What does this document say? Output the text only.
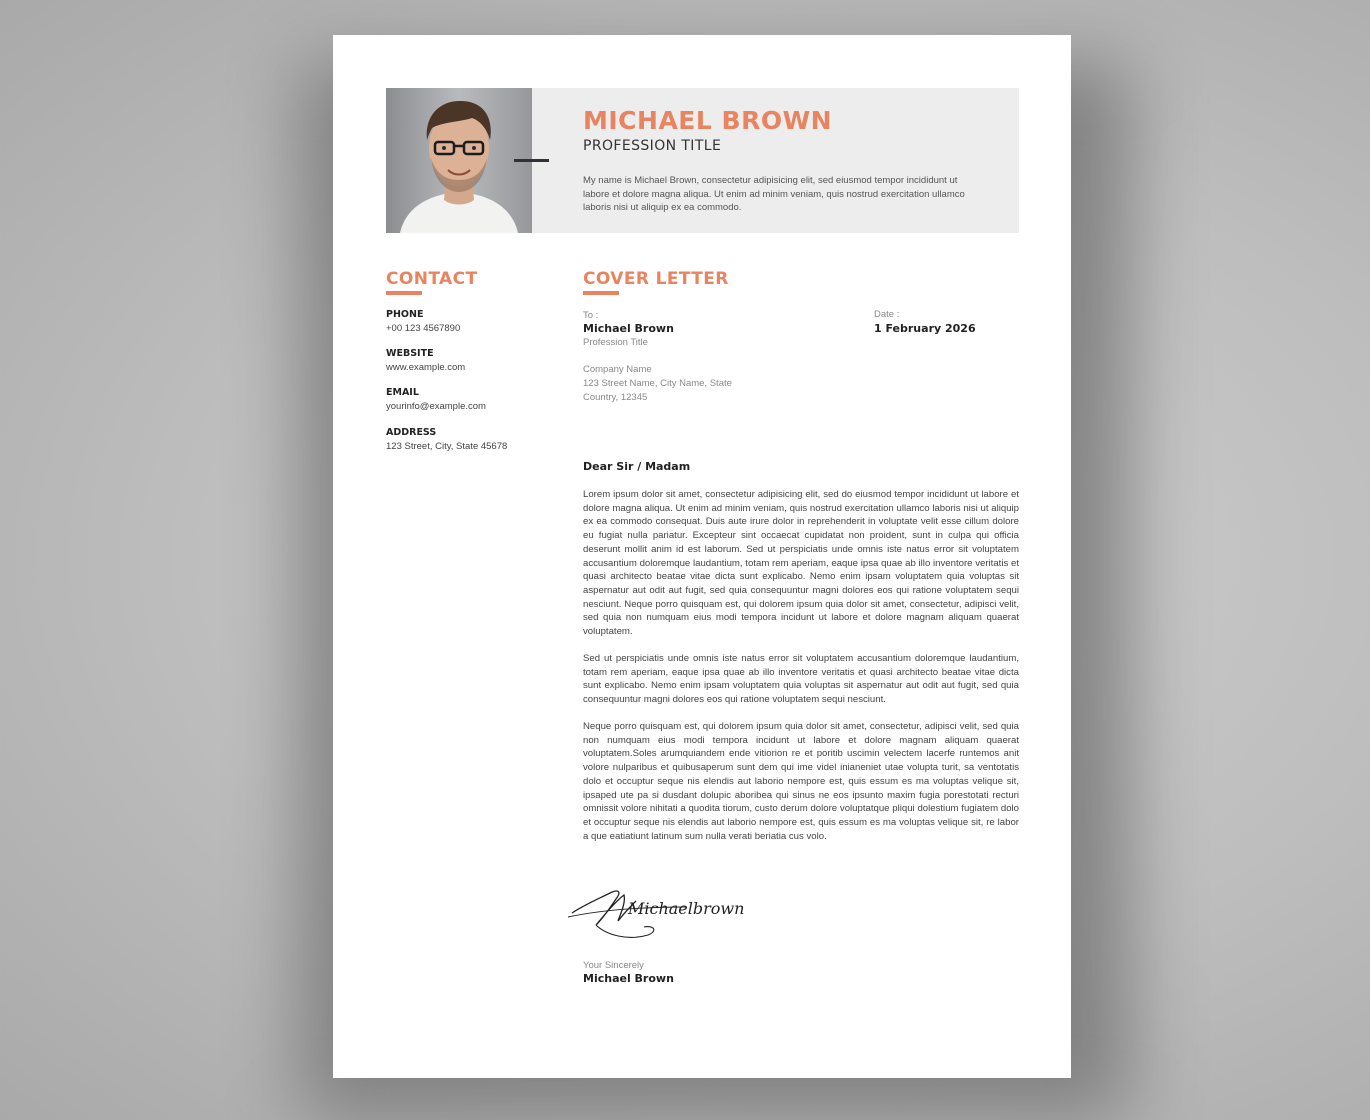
MICHAEL BROWN

PROFESSION TITLE

My name is Michael Brown, consectetur adipisicing elit, sed eiusmod tempor incididunt ut labore et dolore magna aliqua. Ut enim ad minim veniam, quis nostrud exercitation ullamco laboris nisi ut aliquip ex ea commodo.

CONTACT

PHONE

+00 123 4567890

WEBSITE

www.example.com

EMAIL

yourinfo@example.com

ADDRESS

123 Street, City, State 45678

COVER LETTER

To :

Michael Brown

Profession Title

Company Name

123 Street Name, City Name, State

Country, 12345

Date :

1 February 2026

Dear Sir / Madam

Lorem ipsum dolor sit amet, consectetur adipisicing elit, sed do eiusmod tempor incididunt ut labore et dolore magna aliqua. Ut enim ad minim veniam, quis nostrud exercitation ullamco laboris nisi ut aliquip ex ea commodo consequat. Duis aute irure dolor in reprehenderit in voluptate velit esse cillum dolore eu fugiat nulla pariatur. Excepteur sint occaecat cupidatat non proident, sunt in culpa qui officia deserunt mollit anim id est laborum. Sed ut perspiciatis unde omnis iste natus error sit voluptatem accusantium doloremque laudantium, totam rem aperiam, eaque ipsa quae ab illo inventore veritatis et quasi architecto beatae vitae dicta sunt explicabo. Nemo enim ipsam voluptatem quia voluptas sit aspernatur aut odit aut fugit, sed quia consequuntur magni dolores eos qui ratione voluptatem sequi nesciunt. Neque porro quisquam est, qui dolorem ipsum quia dolor sit amet, consectetur, adipisci velit, sed quia non numquam eius modi tempora incidunt ut labore et dolore magnam aliquam quaerat voluptatem.

Sed ut perspiciatis unde omnis iste natus error sit voluptatem accusantium doloremque laudantium, totam rem aperiam, eaque ipsa quae ab illo inventore veritatis et quasi architecto beatae vitae dicta sunt explicabo. Nemo enim ipsam voluptatem quia voluptas sit aspernatur aut odit aut fugit, sed quia consequuntur magni dolores eos qui ratione voluptatem sequi nesciunt.

Neque porro quisquam est, qui dolorem ipsum quia dolor sit amet, consectetur, adipisci velit, sed quia non numquam eius modi tempora incidunt ut labore et dolore magnam aliquam quaerat voluptatem.Soles arumquiandem ende vitiorion re et poritib uscimin velectem lacerfe runtemos anit volore nulparibus et quibusaperum sunt dem qui ime videl inianeniet utae volupta turit, sa ventotatis dolo et occuptur seque nis elendis aut laborio nempore est, quis essum es ma voluptas velique sit, ipsaped ute pa si dusdant dolupic aboribea qui sinus ne eos ipsunto maxim fugia porestotati recturi omnissit volore nihitati a quodita tiorum, custo derum dolore voluptatque pliqui dolestium fugiatem dolo et occuptur seque nis elendis aut laborio nempore est, quis essum es ma voluptas velique sit, re labor a que eatiatiunt latinum sum nulla verati beriatia cus volo.

Michaelbrown

Your Sincerely

Michael Brown
